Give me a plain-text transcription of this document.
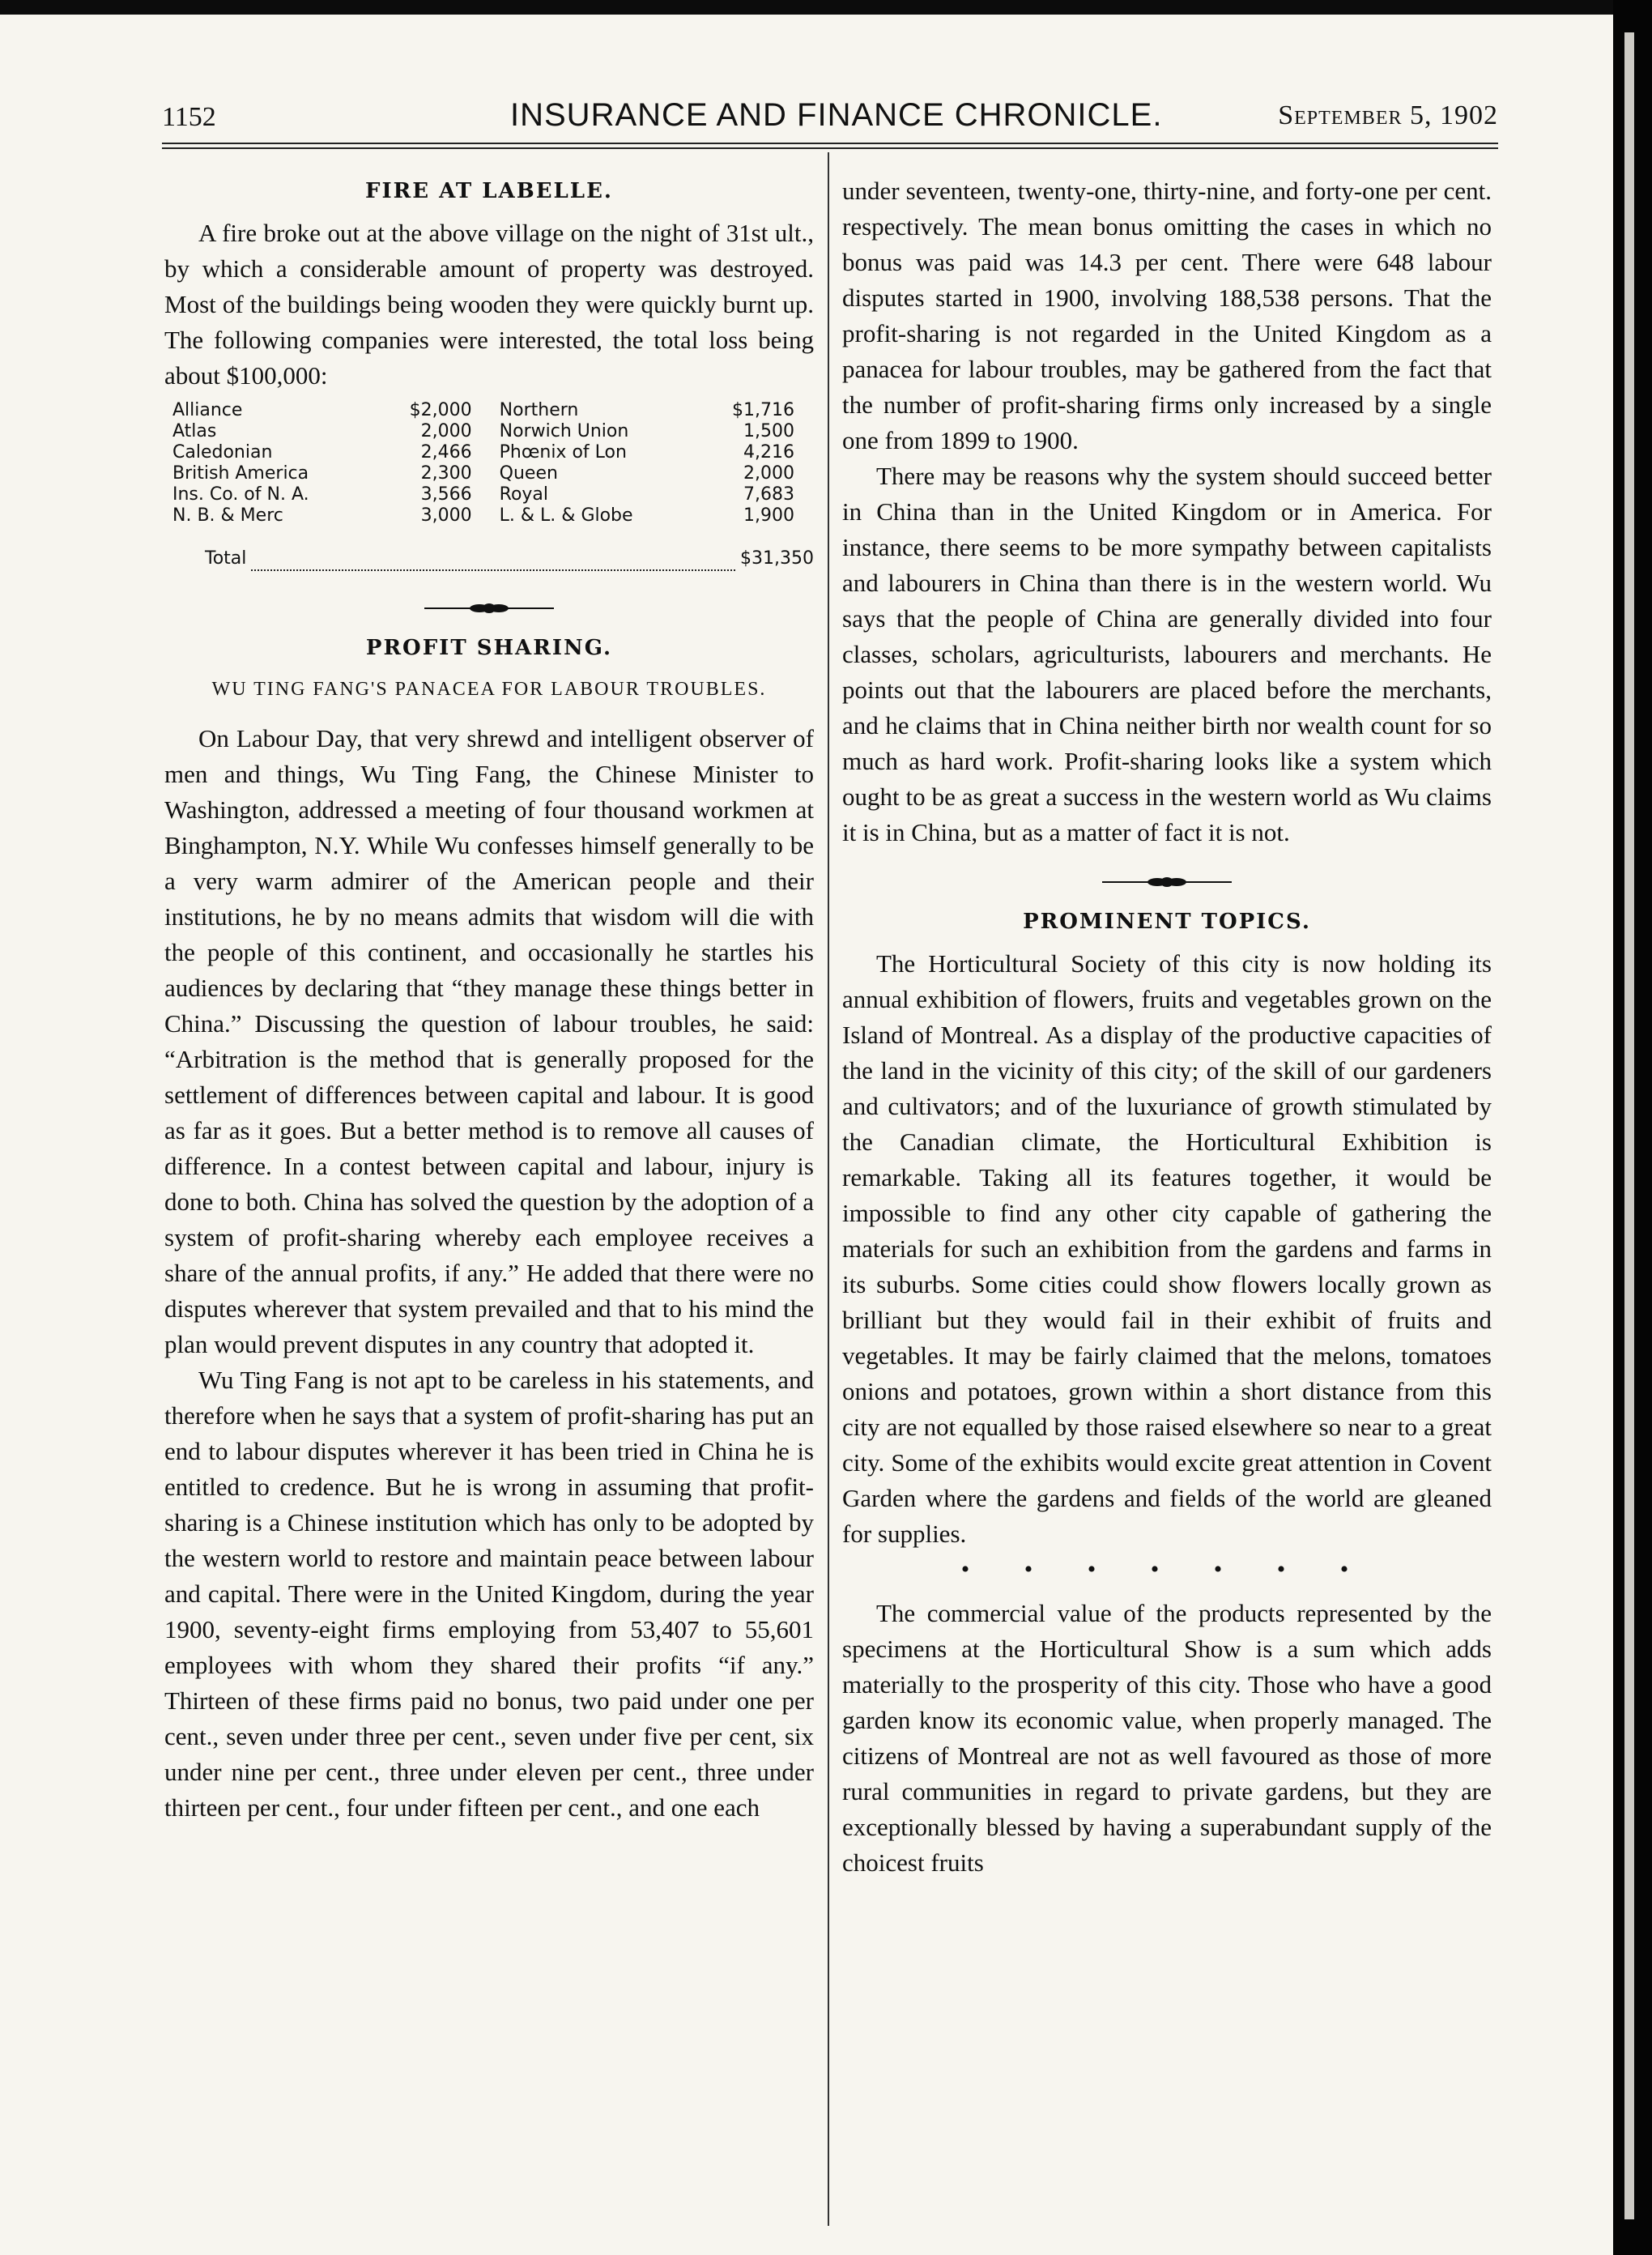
1152	INSURANCE AND FINANCE CHRONICLE.	September 5, 1902
FIRE AT LABELLE.

A fire broke out at the above village on the night of 31st ult., by which a considerable amount of property was destroyed. Most of the buildings being wooden they were quickly burnt up. The following companies were interested, the total loss being about $100,000:

Alliance	$2,000	Northern	$1,716
Atlas	2,000	Norwich Union	1,500
Caledonian	2,466	Phœnix of Lon	4,216
British America	2,300	Queen	2,000
Ins. Co. of N. A.	3,566	Royal	7,683
N. B. & Merc	3,000	L. & L. & Globe	1,900
Total	$31,350
PROFIT SHARING.
WU TING FANG'S PANACEA FOR LABOUR TROUBLES.

On Labour Day, that very shrewd and intelligent observer of men and things, Wu Ting Fang, the Chinese Minister to Washington, addressed a meeting of four thousand workmen at Binghampton, N.Y. While Wu confesses himself generally to be a very warm admirer of the American people and their institutions, he by no means admits that wisdom will die with the people of this continent, and occasionally he startles his audiences by declaring that “they manage these things better in China.” Discussing the question of labour troubles, he said: “Arbitration is the method that is generally proposed for the settlement of differences between capital and labour. It is good as far as it goes. But a better method is to remove all causes of difference. In a contest between capital and labour, injury is done to both. China has solved the question by the adoption of a system of profit-sharing whereby each employee receives a share of the annual profits, if any.” He added that there were no disputes wherever that system prevailed and that to his mind the plan would prevent disputes in any country that adopted it.

Wu Ting Fang is not apt to be careless in his statements, and therefore when he says that a system of profit-sharing has put an end to labour disputes wherever it has been tried in China he is entitled to credence. But he is wrong in assuming that profit-sharing is a Chinese institution which has only to be adopted by the western world to restore and maintain peace between labour and capital. There were in the United Kingdom, during the year 1900, seventy-eight firms employing from 53,407 to 55,601 employees with whom they shared their profits “if any.” Thirteen of these firms paid no bonus, two paid under one per cent., seven under three per cent., seven under five per cent, six under nine per cent., three under eleven per cent., three under thirteen per cent., four under fifteen per cent., and one each

under seventeen, twenty-one, thirty-nine, and forty-one per cent. respectively. The mean bonus omitting the cases in which no bonus was paid was 14.3 per cent. There were 648 labour disputes started in 1900, involving 188,538 persons. That the profit-sharing is not regarded in the United Kingdom as a panacea for labour troubles, may be gathered from the fact that the number of profit-sharing firms only increased by a single one from 1899 to 1900.

There may be reasons why the system should succeed better in China than in the United Kingdom or in America. For instance, there seems to be more sympathy between capitalists and labourers in China than there is in the western world. Wu says that the people of China are generally divided into four classes, scholars, agriculturists, labourers and merchants. He points out that the labourers are placed before the merchants, and he claims that in China neither birth nor wealth count for so much as hard work. Profit-sharing looks like a system which ought to be as great a success in the western world as Wu claims it is in China, but as a matter of fact it is not.

PROMINENT TOPICS.

The Horticultural Society of this city is now holding its annual exhibition of flowers, fruits and vegetables grown on the Island of Montreal. As a display of the productive capacities of the land in the vicinity of this city; of the skill of our gardeners and cultivators; and of the luxuriance of growth stimulated by the Canadian climate, the Horticultural Exhibition is remarkable. Taking all its features together, it would be impossible to find any other city capable of gathering the materials for such an exhibition from the gardens and farms in its suburbs. Some cities could show flowers locally grown as brilliant but they would fail in their exhibit of fruits and vegetables. It may be fairly claimed that the melons, tomatoes onions and potatoes, grown within a short distance from this city are not equalled by those raised elsewhere so near to a great city. Some of the exhibits would excite great attention in Covent Garden where the gardens and fields of the world are gleaned for supplies.

• • • • • • •

The commercial value of the products represented by the specimens at the Horticultural Show is a sum which adds materially to the prosperity of this city. Those who have a good garden know its economic value, when properly managed. The citizens of Montreal are not as well favoured as those of more rural communities in regard to private gardens, but they are exceptionally blessed by having a superabundant supply of the choicest fruits
